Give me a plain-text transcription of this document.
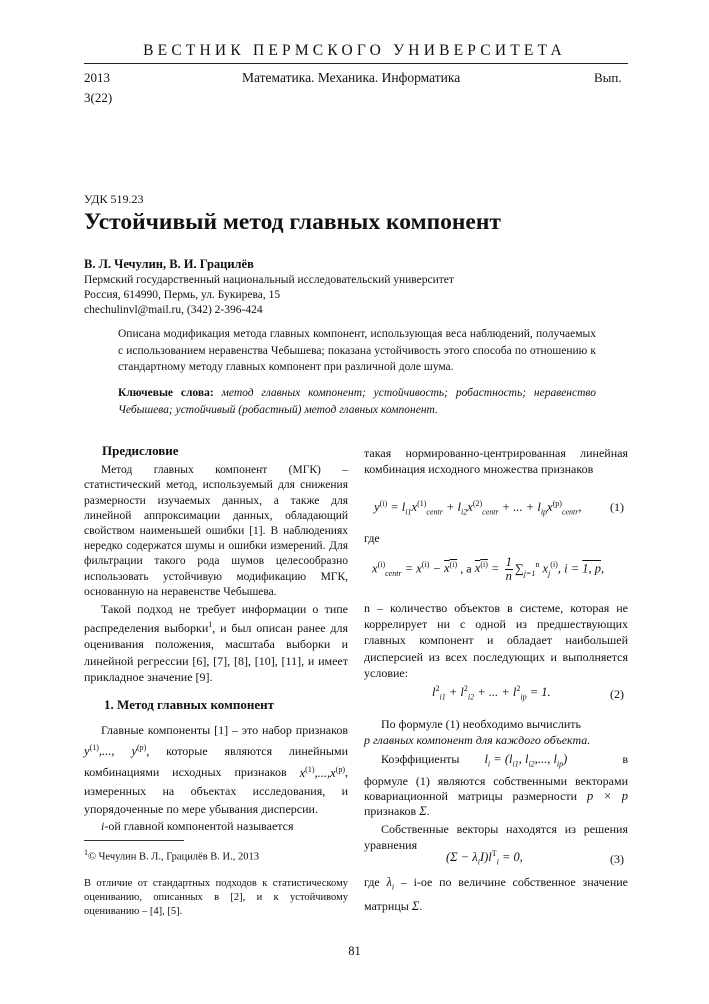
ВЕСТНИК ПЕРМСКОГО УНИВЕРСИТЕТА
2013	Математика. Механика. Информатика	Вып.
3(22)
УДК 519.23
Устойчивый метод главных компонент
В. Л. Чечулин, В. И. Грацилёв
Пермский государственный национальный исследовательский университет
Россия, 614990, Пермь, ул. Букирева, 15
chechulinvl@mail.ru, (342) 2-396-424
Описана модификация метода главных компонент, использующая веса наблюдений, получаемых с использованием неравенства Чебышева; показана устойчивость этого способа по отношению к стандартному методу главных компонент при различной доле шума.
Ключевые слова: метод главных компонент; устойчивость; робастность; неравенство Чебышева; устойчивый (робастный) метод главных компонент.

Предисловие

Метод главных компонент (МГК) – статистический метод, используемый для снижения размерности изучаемых данных, а также для линейной аппроксимации данных, обладающий свойством наименьшей ошибки [1]. В наблюдениях нередко содержатся шумы и ошибки измерений. Для фильтрации такого рода шумов целесообразно использовать устойчивую модификацию МГК, основанную на неравенстве Чебышева.

Такой подход не требует информации о типе распределения выборки$^1$, и был описан ранее для оценивания положения, масштаба выборки и линейной регрессии [6], [7], [8], [10], [11], и имеет прикладное значение [9].

1. Метод главных компонент

Главные компоненты [1] – это набор признаков $y^{(1)}$,..., $y^{(p)}$, которые являются линейными комбинациями исходных признаков $x^{(1)},...,x^{(p)}$, измеренных на объектах исследования, и упорядоченные по мере убывания дисперсии.

i-ой главной компонентой называется

$^1$© Чечулин В. Л., Грацилёв В. И., 2013
В отличие от стандартных подходов к статистическому оцениванию, описанных в [2], и к устойчивому оцениванию – [4], [5].

такая нормированно-центрированная линейная комбинация исходного множества признаков

$y^{(i)} = l_{i1}x^{(1)}_{centr} + l_{i2}x^{(2)}_{centr}$ + ... + $l_{ip}x^{(p)}_{centr}$, (1)
где
$x^{(i)}_{centr} = x^{(i)} - x^{(i)}$ , а $x^{(i)} = \frac{1}{n} \sum_{j=1}^n$ $x_j^{(i)}$, i = 1, p,

n – количество объектов в системе, которая не коррелирует ни с одной из предшествующих главных компонент и обладает наибольшей дисперсией из всех последующих и выполняется условие:

$l^2_{i1} + l^2_{i2}$ + ... + $l^2_{ip} = 1$.	(2)

По формуле (1) необходимо вычислить

p главных компонент для каждого объекта.

Коэффициенты $l_i = (l_{i1}$, $l_{i2}$,..., $l_{ip}$)	в

формуле (1) являются собственными векторами ковариационной матрицы размерности p × p признаков Σ.

Собственные векторы находятся из решения уравнения

$(\Sigma - \lambda_iI)l^T_i = 0$,	(3)

где $\lambda_i - i-ое$ по величине собственное значение матрицы Σ.

81
